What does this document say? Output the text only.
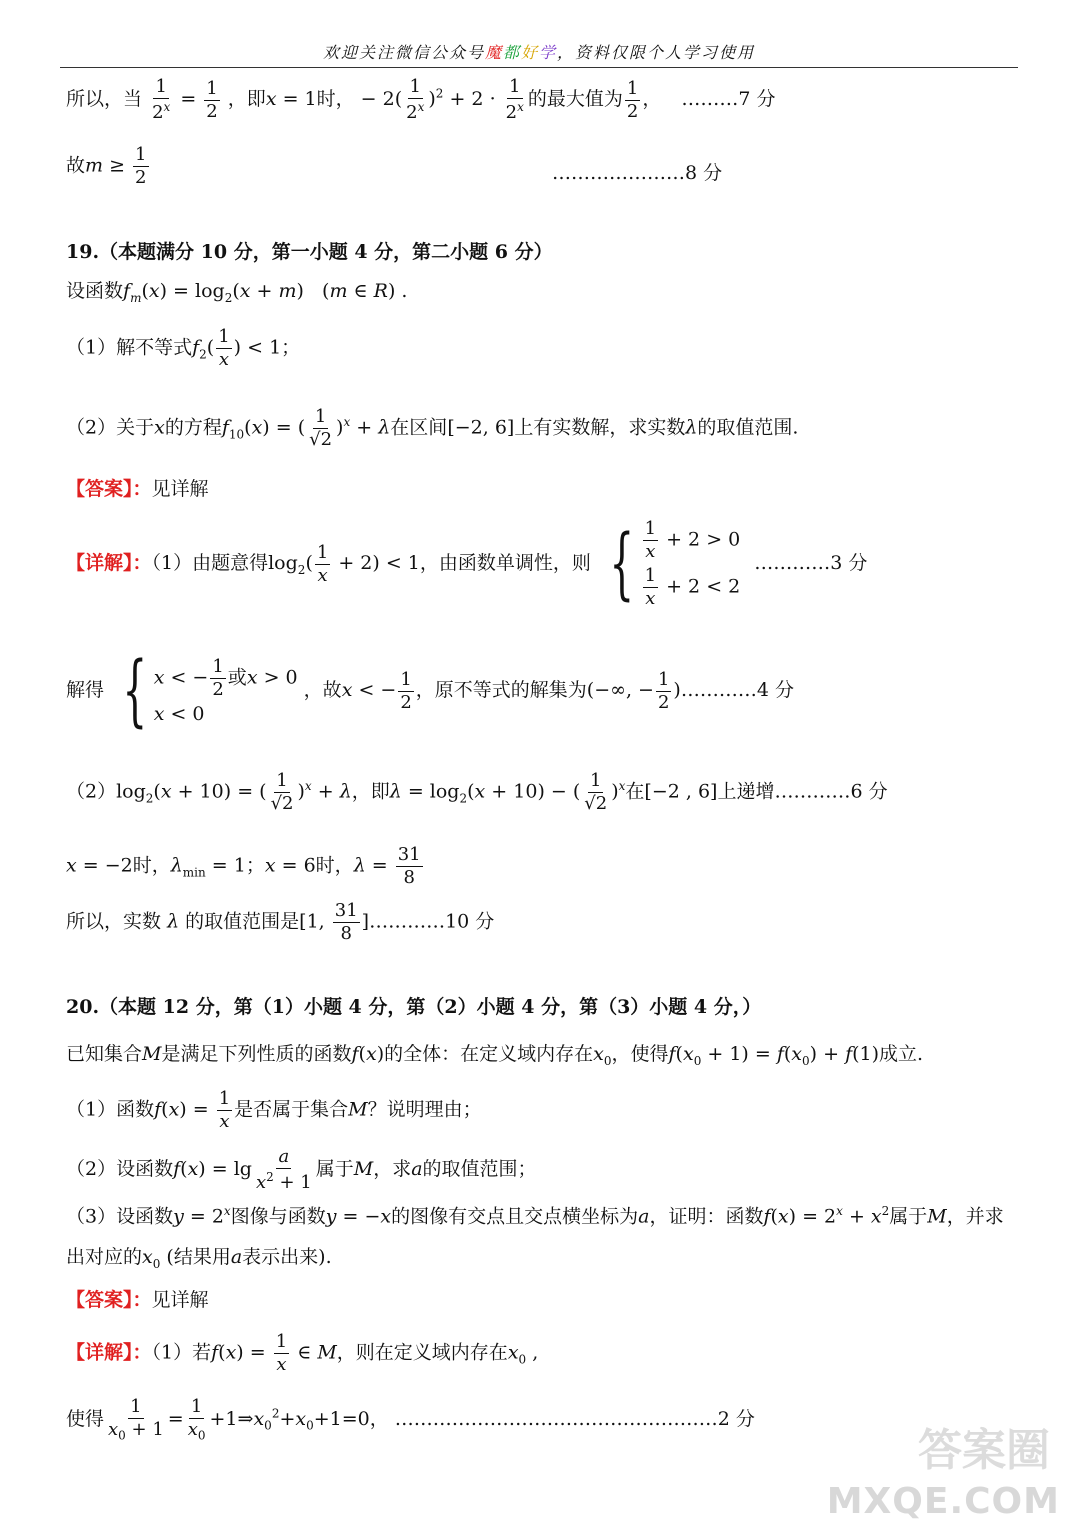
欢迎关注微信公众号魔都好学，资料仅限个人学习使用
所以，当 $\frac{1}{2^x} = \frac{1}{2}$ ，即x = 1时， − $2( \frac{1}{2^x} )^2 + 2 \cdot \frac{1}{2^x}$ 的最大值为 $\frac{1}{2}$ ， ………7 分
故$m \ge \frac{1}{2}$	…………………8 分
19.（本题满分 10 分，第一小题 4 分，第二小题 6 分）
设函数$f_m(x) = \log_2(x + m)$   (m ∈ R) .
（1）解不等式$f_2( \frac{1}{x}$ ) < 1；
（2）关于x的方程$f_{10}(x)$ = ( $\frac{1}{√2} )^x + \lambda$在区间[−2, 6]上有实数解，求实数λ的取值范围.
【答案】：见详解
【详解】：（1）由题意得$\log_2( \frac{1}{x} + 2) < 1$，由函数单调性，则 { $\frac{1}{x} + 2 > 0$
$\frac{1}{x} + 2 < 2$
…………3 分
解得 { x < − $\frac{1}{2}$ 或x > 0
x < 0
，故x < − $\frac{1}{2}$ ，原不等式的解集为(−∞, − $\frac{1}{2}$ )…………4 分
$(2)\log_2(x + 10)$ = ( $\frac{1}{√2} )^x + \lambda$，即$\lambda = \log_2(x + 10)$ − ( $\frac{1}{√2} )^x$在[−2 , 6]上递增…………6 分
x = −2时，$\lambda_{min} = 1$；x = 6时，$\lambda = \frac{31}{8}$
所以，实数 λ 的取值范围是[1, $\frac{31}{8}$ ]…………10 分
20.（本题 12 分，第（1）小题 4 分，第（2）小题 4 分，第（3）小题 4 分，）
已知集合M是满足下列性质的函数f(x)的全体：在定义域内存在$x_0$，使得$f(x_0 + 1) = f(x_0) + f(1)$成立.
（1）函数$f(x) = \frac{1}{x}$ 是否属于集合M？说明理由；
（2）设函数$f(x) = \lg \frac{a}{x^2 + 1}$ 属于M，求a的取值范围；
（3）设函数$y = 2^x$图像与函数y = −x的图像有交点且交点横坐标为a，证明：函数$f(x) = 2^x + x^2$属于M，并求
出对应的$x_0$ (结果用a表示出来).
【答案】：见详解
【详解】：（1）若$f(x) = \frac{1}{x}$ ∈ M，则在定义域内存在$x_0$ ,
使得 $\frac{1}{x_0 + 1} = \frac{1}{x_0}$ $+1\Rightarrow x_0^2+x_0+1=0$， ……………………………………………2 分
答案圈
MXQE.COM
